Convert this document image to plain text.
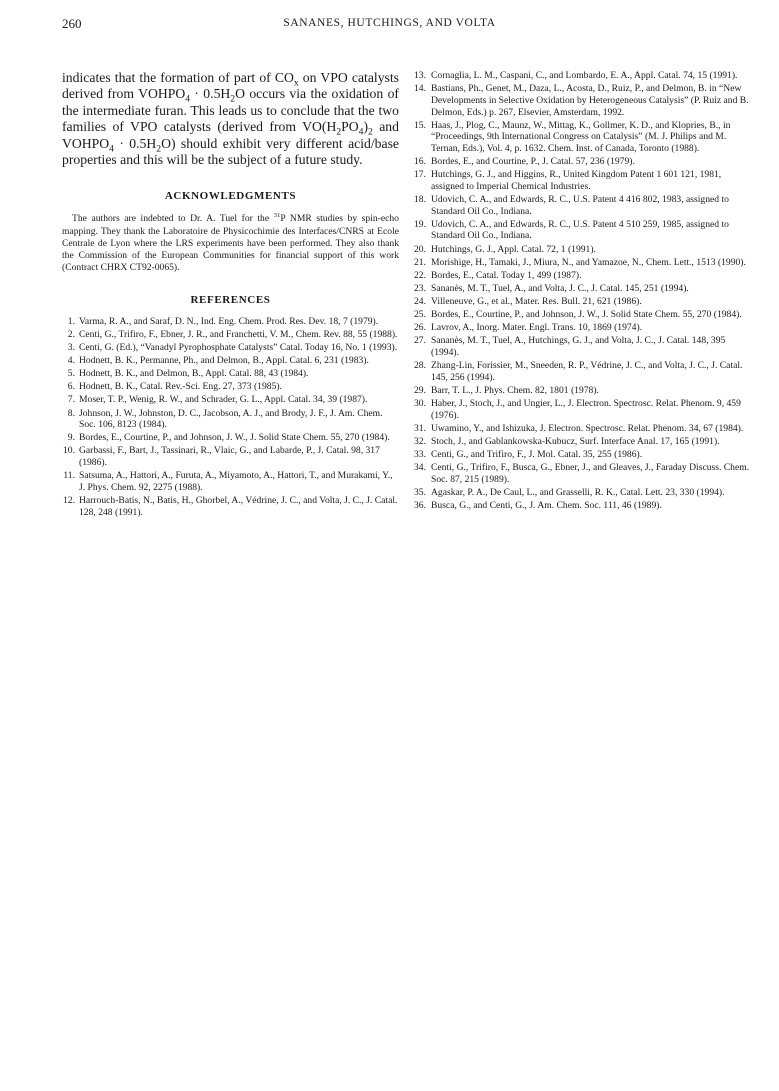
260	SANANES, HUTCHINGS, AND VOLTA

indicates that the formation of part of $CO_x$ on VPO catalysts derived from $VOHPO_4 \cdot 0.5H_2O$ occurs via the oxidation of the intermediate furan. This leads us to conclude that the two families of VPO catalysts (derived from $VO(H_2PO_4)_2$ and $VOHPO_4 \cdot 0.5H_2O$) should exhibit very different acid/base properties and this will be the subject of a future study.

ACKNOWLEDGMENTS

The authors are indebted to Dr. A. Tuel for the $^{31}$P NMR studies by spin-echo mapping. They thank the Laboratoire de Physicochimie des Interfaces/CNRS at Ecole Centrale de Lyon where the LRS experiments have been performed. They also thank the Commission of the European Communities for financial support of this work (Contract CHRX CT92-0065).

REFERENCES
1. Varma, R. A., and Saraf, D. N., Ind. Eng. Chem. Prod. Res. Dev. 18, 7 (1979).
2. Centi, G., Trifiro, F., Ebner, J. R., and Franchetti, V. M., Chem. Rev. 88, 55 (1988).
3. Centi, G. (Ed.), “Vanadyl Pyrophosphate Catalysts” Catal. Today 16, No. 1 (1993).
4. Hodnett, B. K., Permanne, Ph., and Delmon, B., Appl. Catal. 6, 231 (1983).
5. Hodnett, B. K., and Delmon, B., Appl. Catal. 88, 43 (1984).
6. Hodnett, B. K., Catal. Rev.-Sci. Eng. 27, 373 (1985).
7. Moser, T. P., Wenig, R. W., and Schrader, G. L., Appl. Catal. 34, 39 (1987).
8. Johnson, J. W., Johnston, D. C., Jacobson, A. J., and Brody, J. F., J. Am. Chem. Soc. 106, 8123 (1984).
9. Bordes, E., Courtine, P., and Johnson, J. W., J. Solid State Chem. 55, 270 (1984).
10. Garbassi, F., Bart, J., Tassinari, R., Vlaic, G., and Labarde, P., J. Catal. 98, 317 (1986).
11. Satsuma, A., Hattori, A., Furuta, A., Miyamoto, A., Hattori, T., and Murakami, Y., J. Phys. Chem. 92, 2275 (1988).
12. Harrouch-Batis, N., Batis, H., Ghorbel, A., Védrine, J. C., and Volta, J. C., J. Catal. 128, 248 (1991).
13. Cornaglia, L. M., Caspani, C., and Lombardo, E. A., Appl. Catal. 74, 15 (1991).
14. Bastians, Ph., Genet, M., Daza, L., Acosta, D., Ruiz, P., and Delmon, B. in “New Developments in Selective Oxidation by Heterogeneous Catalysis” (P. Ruiz and B. Delmon, Eds.) p. 267, Elsevier, Amsterdam, 1992.
15. Haas, J., Plog, C., Maunz, W., Mittag, K., Gollmer, K. D., and Klopries, B., in “Proceedings, 9th International Congress on Catalysis” (M. J. Philips and M. Ternan, Eds.), Vol. 4, p. 1632. Chem. Inst. of Canada, Toronto (1988).
16. Bordes, E., and Courtine, P., J. Catal. 57, 236 (1979).
17. Hutchings, G. J., and Higgins, R., United Kingdom Patent 1 601 121, 1981, assigned to Imperial Chemical Industries.
18. Udovich, C. A., and Edwards, R. C., U.S. Patent 4 416 802, 1983, assigned to Standard Oil Co., Indiana.
19. Udovich, C. A., and Edwards, R. C., U.S. Patent 4 510 259, 1985, assigned to Standard Oil Co., Indiana.
20. Hutchings, G. J., Appl. Catal. 72, 1 (1991).
21. Morishige, H., Tamaki, J., Miura, N., and Yamazoe, N., Chem. Lett., 1513 (1990).
22. Bordes, E., Catal. Today 1, 499 (1987).
23. Sananès, M. T., Tuel, A., and Volta, J. C., J. Catal. 145, 251 (1994).
24. Villeneuve, G., et al., Mater. Res. Bull. 21, 621 (1986).
25. Bordes, E., Courtine, P., and Johnson, J. W., J. Solid State Chem. 55, 270 (1984).
26. Lavrov, A., Inorg. Mater. Engl. Trans. 10, 1869 (1974).
27. Sananès, M. T., Tuel, A., Hutchings, G. J., and Volta, J. C., J. Catal. 148, 395 (1994).
28. Zhang-Lin, Forissier, M., Sneeden, R. P., Védrine, J. C., and Volta, J. C., J. Catal. 145, 256 (1994).
29. Barr, T. L., J. Phys. Chem. 82, 1801 (1978).
30. Haber, J., Stoch, J., and Ungier, L., J. Electron. Spectrosc. Relat. Phenom. 9, 459 (1976).
31. Uwamino, Y., and Ishizuka, J. Electron. Spectrosc. Relat. Phenom. 34, 67 (1984).
32. Stoch, J., and Gablankowska-Kubucz, Surf. Interface Anal. 17, 165 (1991).
33. Centi, G., and Trifiro, F., J. Mol. Catal. 35, 255 (1986).
34. Centi, G., Trifiro, F., Busca, G., Ebner, J., and Gleaves, J., Faraday Discuss. Chem. Soc. 87, 215 (1989).
35. Agaskar, P. A., De Caul, L., and Grasselli, R. K., Catal. Lett. 23, 330 (1994).
36. Busca, G., and Centi, G., J. Am. Chem. Soc. 111, 46 (1989).
